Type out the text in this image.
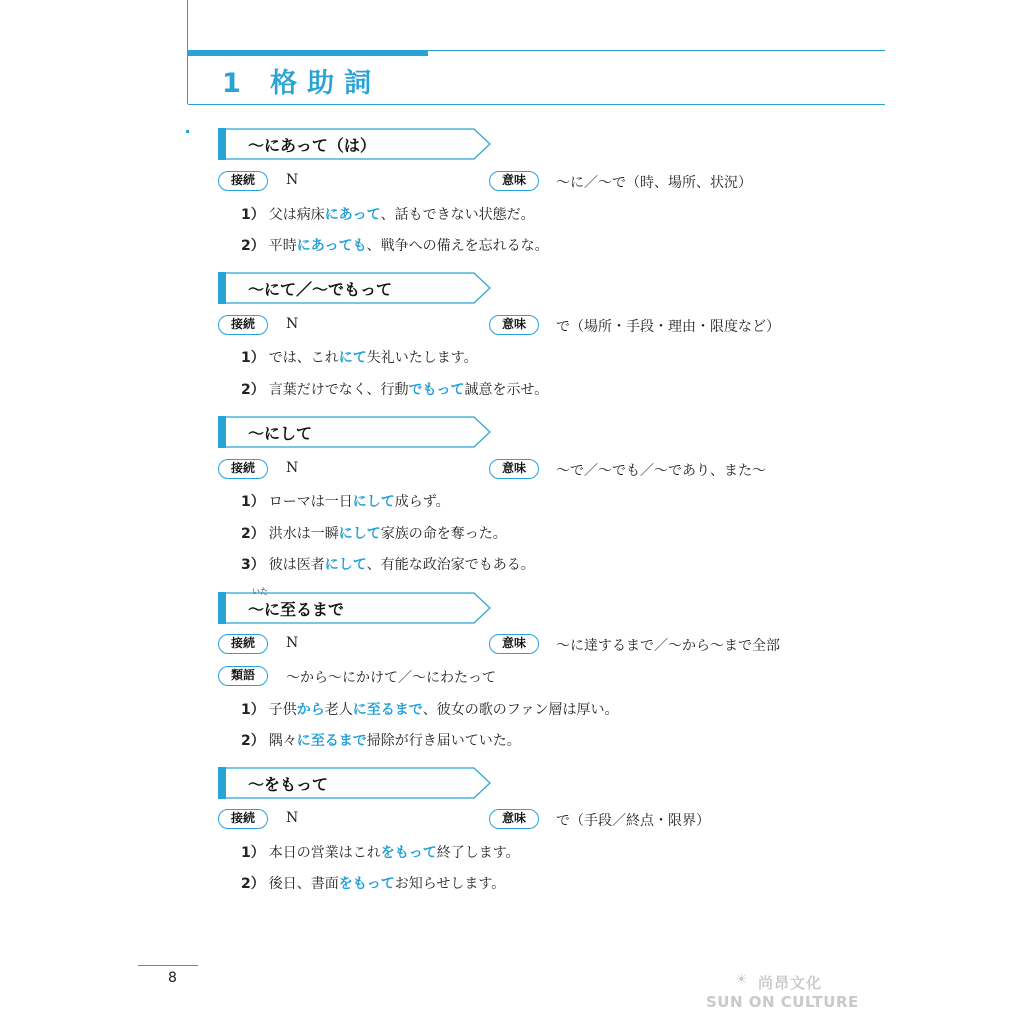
1 格助詞
～にあって（は）
接続	N	意味	～に／～で（時、場所、状況）
1） 父は病床にあって、話もできない状態だ。
2） 平時にあっても、戦争への備えを忘れるな。
～にて／～でもって
接続	N	意味	で（場所・手段・理由・限度など）
1） では、これにて失礼いたします。
2） 言葉だけでなく、行動でもって誠意を示せ。
～にして
接続	N	意味	～で／～でも／～であり、また～
1） ローマは一日にして成らず。
2） 洪水は一瞬にして家族の命を奪った。
3） 彼は医者にして、有能な政治家でもある。
いた
～に至るまで
接続	N	意味	～に達するまで／～から～まで全部
類語	～から～にかけて／～にわたって
1） 子供から老人に至るまで、彼女の歌のファン層は厚い。
2） 隅々に至るまで掃除が行き届いていた。
～をもって
接続	N	意味	で（手段／終点・限界）
1） 本日の営業はこれをもって終了します。
2） 後日、書面をもってお知らせします。
8	☀ 尚昂文化
SUN ON CULTURE
